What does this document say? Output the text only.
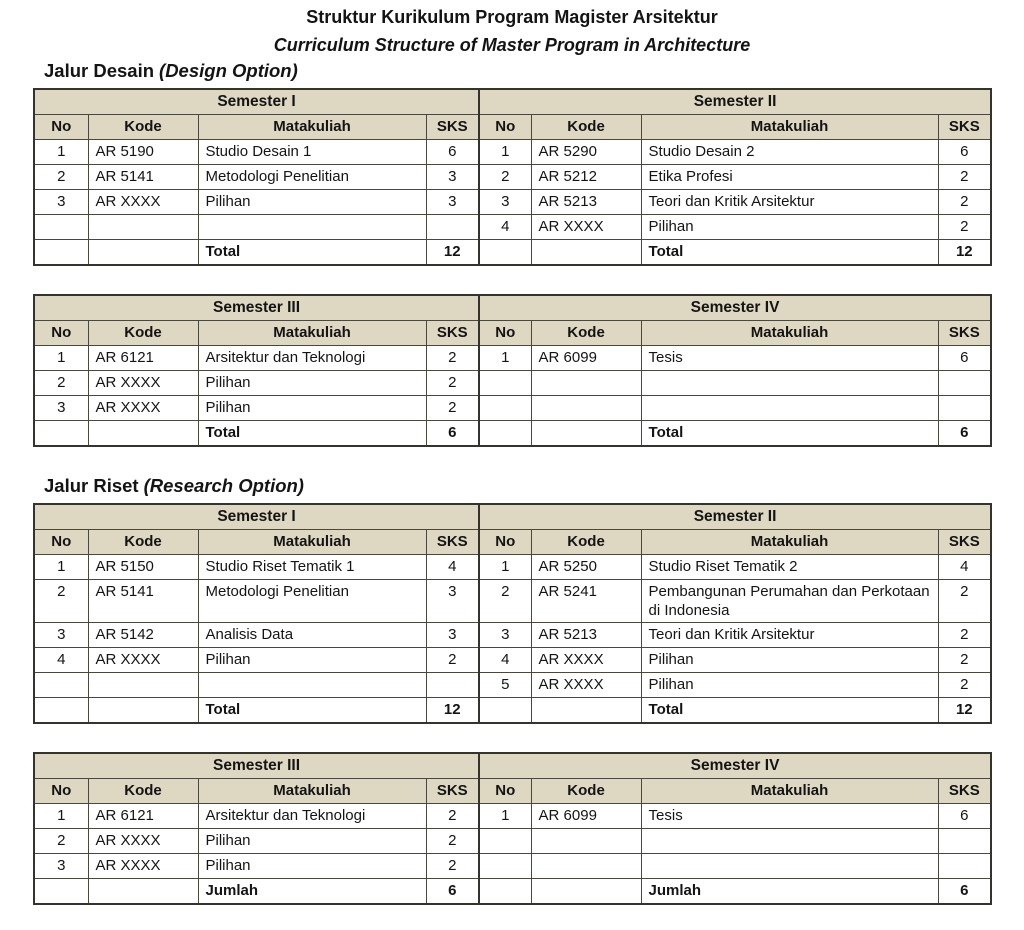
Struktur Kurikulum Program Magister Arsitektur
Curriculum Structure of Master Program in Architecture
Jalur Desain (Design Option)
Semester I				Semester II			
No	Kode	Matakuliah	SKS	No	Kode	Matakuliah	SKS
1	AR 5190	Studio Desain 1	6	1	AR 5290	Studio Desain 2	6
2	AR 5141	Metodologi Penelitian	3	2	AR 5212	Etika Profesi	2
3	AR XXXX	Pilihan	3	3	AR 5213	Teori dan Kritik Arsitektur	2
				4	AR XXXX	Pilihan	2
		Total	12			Total	12
Semester III				Semester IV			
No	Kode	Matakuliah	SKS	No	Kode	Matakuliah	SKS
1	AR 6121	Arsitektur dan Teknologi	2	1	AR 6099	Tesis	6
2	AR XXXX	Pilihan	2				
3	AR XXXX	Pilihan	2				
		Total	6			Total	6
Jalur Riset (Research Option)
Semester I				Semester II			
No	Kode	Matakuliah	SKS	No	Kode	Matakuliah	SKS
1	AR 5150	Studio Riset Tematik 1	4	1	AR 5250	Studio Riset Tematik 2	4
2	AR 5141	Metodologi Penelitian	3	2	AR 5241	Pembangunan Perumahan dan Perkotaan di Indonesia	2
3	AR 5142	Analisis Data	3	3	AR 5213	Teori dan Kritik Arsitektur	2
4	AR XXXX	Pilihan	2	4	AR XXXX	Pilihan	2
				5	AR XXXX	Pilihan	2
		Total	12			Total	12
Semester III				Semester IV			
No	Kode	Matakuliah	SKS	No	Kode	Matakuliah	SKS
1	AR 6121	Arsitektur dan Teknologi	2	1	AR 6099	Tesis	6
2	AR XXXX	Pilihan	2				
3	AR XXXX	Pilihan	2				
		Jumlah	6			Jumlah	6
